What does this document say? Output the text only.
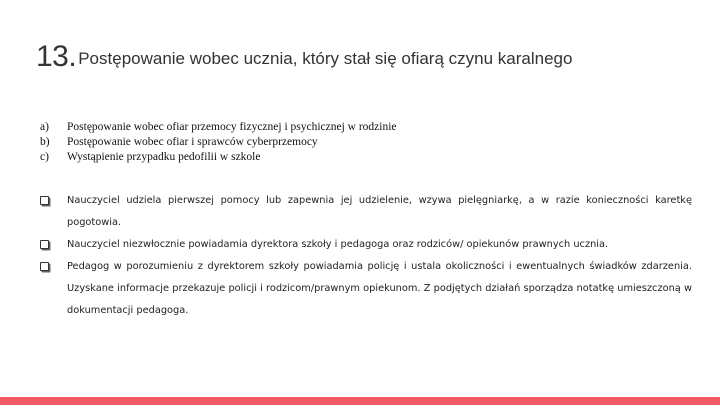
13. Postępowanie wobec ucznia, który stał się ofiarą czynu karalnego
a)	Postępowanie wobec ofiar przemocy fizycznej i psychicznej w rodzinie
b)	Postępowanie wobec ofiar i sprawców cyberprzemocy
c)	Wystąpienie przypadku pedofilii w szkole
Nauczyciel udziela pierwszej pomocy lub zapewnia jej udzielenie, wzywa pielęgniarkę, a w razie konieczności karetkę pogotowia.
Nauczyciel niezwłocznie powiadamia dyrektora szkoły i pedagoga oraz rodziców/ opiekunów prawnych ucznia.
Pedagog w porozumieniu z dyrektorem szkoły powiadamia policję i ustala okoliczności i ewentualnych świadków zdarzenia. Uzyskane informacje przekazuje policji i rodzicom/prawnym opiekunom. Z podjętych działań sporządza notatkę umieszczoną w dokumentacji pedagoga.
